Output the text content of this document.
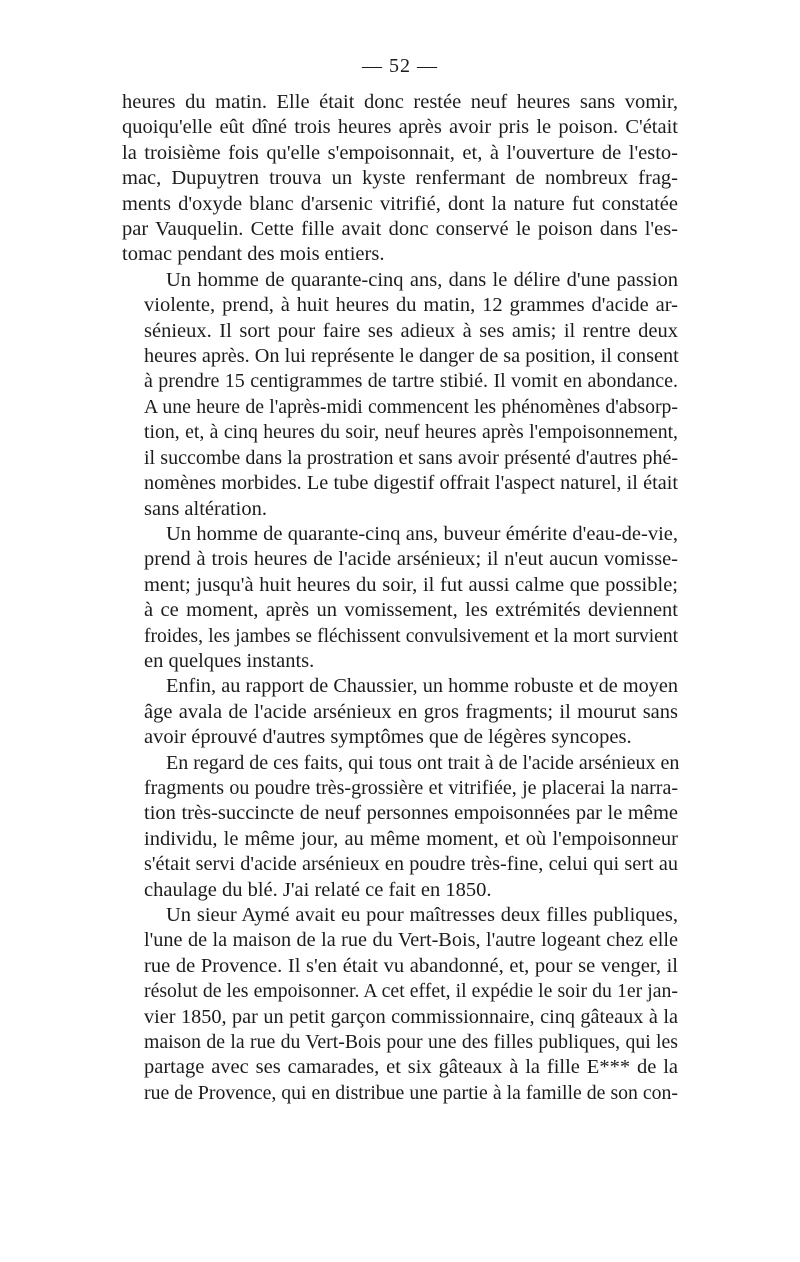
— 52 —
heures du matin. Elle était donc restée neuf heures sans vomir,
quoiqu'elle eût dîné trois heures après avoir pris le poison. C'était
la troisième fois qu'elle s'empoisonnait, et, à l'ouverture de l'esto-
mac, Dupuytren trouva un kyste renfermant de nombreux frag-
ments d'oxyde blanc d'arsenic vitrifié, dont la nature fut constatée
par Vauquelin. Cette fille avait donc conservé le poison dans l'es-
tomac pendant des mois entiers.
Un homme de quarante-cinq ans, dans le délire d'une passion
violente, prend, à huit heures du matin, 12 grammes d'acide ar-
sénieux. Il sort pour faire ses adieux à ses amis; il rentre deux
heures après. On lui représente le danger de sa position, il consent
à prendre 15 centigrammes de tartre stibié. Il vomit en abondance.
A une heure de l'après-midi commencent les phénomènes d'absorp-
tion, et, à cinq heures du soir, neuf heures après l'empoisonnement,
il succombe dans la prostration et sans avoir présenté d'autres phé-
nomènes morbides. Le tube digestif offrait l'aspect naturel, il était
sans altération.
Un homme de quarante-cinq ans, buveur émérite d'eau-de-vie,
prend à trois heures de l'acide arsénieux; il n'eut aucun vomisse-
ment; jusqu'à huit heures du soir, il fut aussi calme que possible;
à ce moment, après un vomissement, les extrémités deviennent
froides, les jambes se fléchissent convulsivement et la mort survient
en quelques instants.
Enfin, au rapport de Chaussier, un homme robuste et de moyen
âge avala de l'acide arsénieux en gros fragments; il mourut sans
avoir éprouvé d'autres symptômes que de légères syncopes.
En regard de ces faits, qui tous ont trait à de l'acide arsénieux en
fragments ou poudre très-grossière et vitrifiée, je placerai la narra-
tion très-succincte de neuf personnes empoisonnées par le même
individu, le même jour, au même moment, et où l'empoisonneur
s'était servi d'acide arsénieux en poudre très-fine, celui qui sert au
chaulage du blé. J'ai relaté ce fait en 1850.
Un sieur Aymé avait eu pour maîtresses deux filles publiques,
l'une de la maison de la rue du Vert-Bois, l'autre logeant chez elle
rue de Provence. Il s'en était vu abandonné, et, pour se venger, il
résolut de les empoisonner. A cet effet, il expédie le soir du 1er jan-
vier 1850, par un petit garçon commissionnaire, cinq gâteaux à la
maison de la rue du Vert-Bois pour une des filles publiques, qui les
partage avec ses camarades, et six gâteaux à la fille E*** de la
rue de Provence, qui en distribue une partie à la famille de son con-
